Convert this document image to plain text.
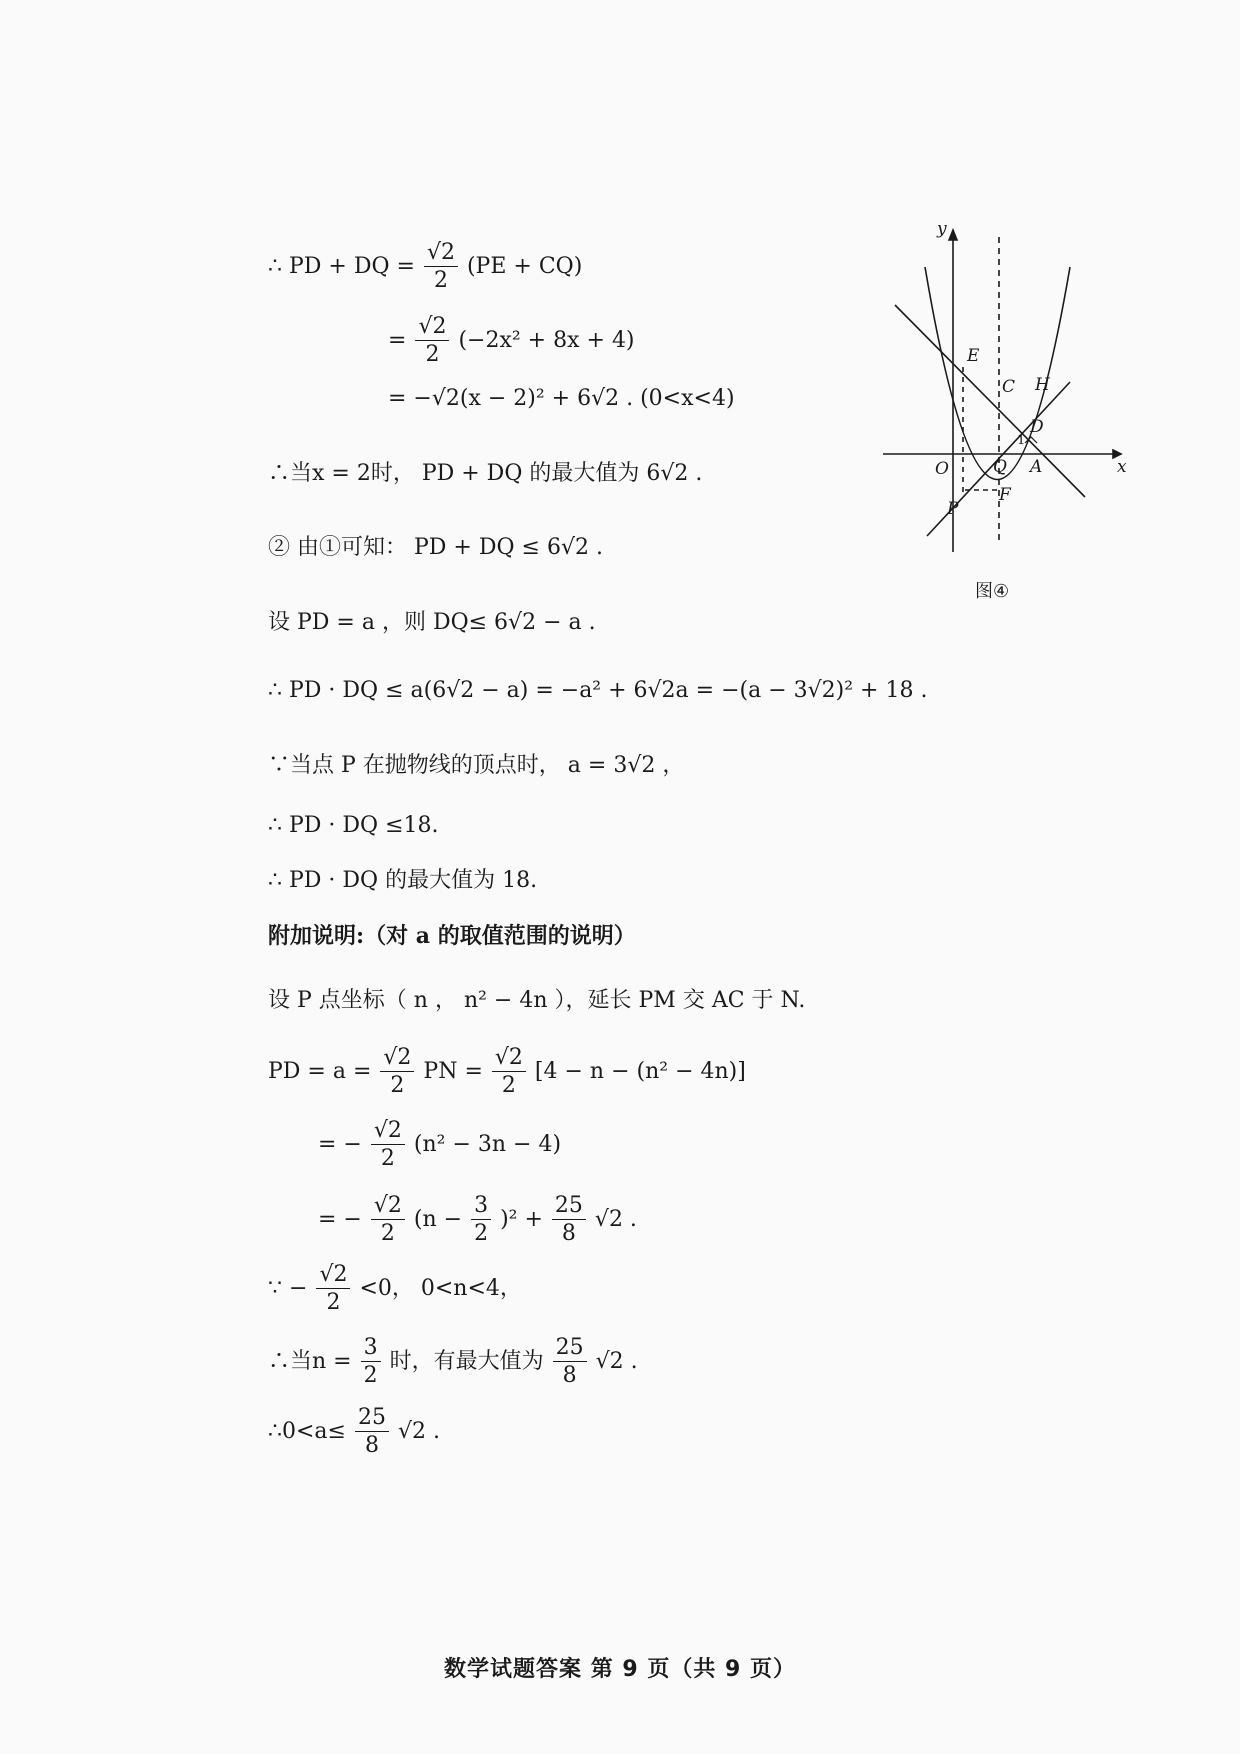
∴ PD + DQ = $\frac{√2}{2} (PE + CQ)$
= $\frac{√2}{2} (-2x^2 + 8x + 4)$
= −√2(x − 2)² + 6√2 . (0<x<4)
∴当x = 2时， PD + DQ 的最大值为 6√2 .
② 由①可知： PD + DQ ≤ 6√2 .
设 PD = a ，则 DQ≤ 6√2 − a .
∴ PD · DQ ≤ a(6√2 − a) = −a² + 6√2a = −(a − 3√2)² + 18 .
∵当点 P 在抛物线的顶点时， a = 3√2 ，
∴ PD · DQ ≤18.
∴ PD · DQ 的最大值为 18.
附加说明:（对 a 的取值范围的说明）
设 P 点坐标（ n ， n² − 4n ），延长 PM 交 AC 于 N.
PD = $a = \frac{√2}{2}$ PN = $\frac{√2}{2} [4 - n - (n^2 - 4n)]$
= − $\frac{√2}{2} (n^2 - 3n - 4)$
= − $\frac{√2}{2} (n - \frac{3}{2} )^2 + \frac{25}{8} √2$ .
∵ − $\frac{√2}{2} <0$， 0<n<4，
∴当$n = \frac{3}{2}$ 时，有最大值为 $\frac{25}{8} √2$ .
∴0<a≤ $\frac{25}{8} √2$ .
y
x
O
E
C H
D
1
Q A
F
P
图④
数学试题答案 第 9 页（共 9 页）
